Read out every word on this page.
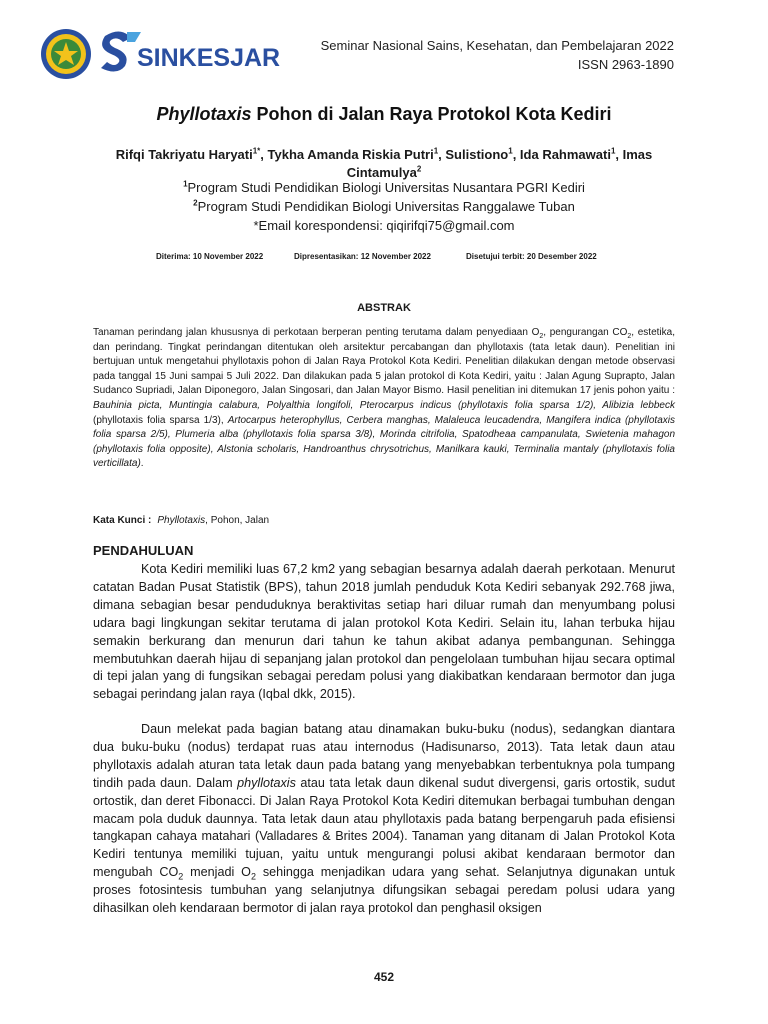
SINKESJAR	Seminar Nasional Sains, Kesehatan, dan Pembelajaran 2022
ISSN 2963-1890
Phyllotaxis Pohon di Jalan Raya Protokol Kota Kediri
Rifqi Takriyatu Haryati$^{1*}$, Tykha Amanda Riskia Putri$^1$, Sulistiono$^1$, Ida Rahmawati$^1$, Imas Cintamulya$^2$
$^1$Program Studi Pendidikan Biologi Universitas Nusantara PGRI Kediri
$^2$Program Studi Pendidikan Biologi Universitas Ranggalawe Tuban
*Email korespondensi: qiqirifqi75@gmail.com
Diterima: 10 November 2022	Dipresentasikan: 12 November 2022	Disetujui terbit: 20 Desember 2022
ABSTRAK
Tanaman perindang jalan khususnya di perkotaan berperan penting terutama dalam penyediaan $O_2$, pengurangan $CO_2$, estetika, dan perindang. Tingkat perindangan ditentukan oleh arsitektur percabangan dan phyllotaxis (tata letak daun). Penelitian ini bertujuan untuk mengetahui phyllotaxis pohon di Jalan Raya Protokol Kota Kediri. Penelitian dilakukan dengan metode observasi pada tanggal 15 Juni sampai 5 Juli 2022. Dan dilakukan pada 5 jalan protokol di Kota Kediri, yaitu : Jalan Agung Suprapto, Jalan Sudanco Supriadi, Jalan Diponegoro, Jalan Singosari, dan Jalan Mayor Bismo. Hasil penelitian ini ditemukan 17 jenis pohon yaitu : Bauhinia picta, Muntingia calabura, Polyalthia longifoli, Pterocarpus indicus (phyllotaxis folia sparsa 1/2), Alibizia lebbeck (phyllotaxis folia sparsa 1/3), Artocarpus heterophyllus, Cerbera manghas, Malaleuca leucadendra, Mangifera indica (phyllotaxis folia sparsa 2/5), Plumeria alba (phyllotaxis folia sparsa 3/8), Morinda citrifolia, Spatodheaa campanulata, Swietenia mahagon (phyllotaxis folia opposite), Alstonia scholaris, Handroanthus chrysotrichus, Manilkara kauki, Terminalia mantaly (phyllotaxis folia verticillata).
Kata Kunci : Phyllotaxis, Pohon, Jalan
PENDAHULUAN

Kota Kediri memiliki luas 67,2 km2 yang sebagian besarnya adalah daerah perkotaan. Menurut catatan Badan Pusat Statistik (BPS), tahun 2018 jumlah penduduk Kota Kediri sebanyak 292.768 jiwa, dimana sebagian besar penduduknya beraktivitas setiap hari diluar rumah dan menyumbang polusi udara bagi lingkungan sekitar terutama di jalan protokol Kota Kediri. Selain itu, lahan terbuka hijau semakin berkurang dan menurun dari tahun ke tahun akibat adanya pembangunan. Sehingga membutuhkan daerah hijau di sepanjang jalan protokol dan pengelolaan tumbuhan hijau secara optimal di tepi jalan yang di fungsikan sebagai peredam polusi yang diakibatkan kendaraan bermotor dan juga sebagai perindang jalan raya (Iqbal dkk, 2015).

Daun melekat pada bagian batang atau dinamakan buku-buku (nodus), sedangkan diantara dua buku-buku (nodus) terdapat ruas atau internodus (Hadisunarso, 2013). Tata letak daun atau phyllotaxis adalah aturan tata letak daun pada batang yang menyebabkan terbentuknya pola tumpang tindih pada daun. Dalam phyllotaxis atau tata letak daun dikenal sudut divergensi, garis ortostik, sudut ortostik, dan deret Fibonacci. Di Jalan Raya Protokol Kota Kediri ditemukan berbagai tumbuhan dengan macam pola duduk daunnya. Tata letak daun atau phyllotaxis pada batang berpengaruh pada efisiensi tangkapan cahaya matahari (Valladares & Brites 2004). Tanaman yang ditanam di Jalan Protokol Kota Kediri tentunya memiliki tujuan, yaitu untuk mengurangi polusi akibat kendaraan bermotor dan mengubah $CO_2$ menjadi $O_2$ sehingga menjadikan udara yang sehat. Selanjutnya digunakan untuk proses fotosintesis tumbuhan yang selanjutnya difungsikan sebagai peredam polusi udara yang dihasilkan oleh kendaraan bermotor di jalan raya protokol dan penghasil oksigen

452
